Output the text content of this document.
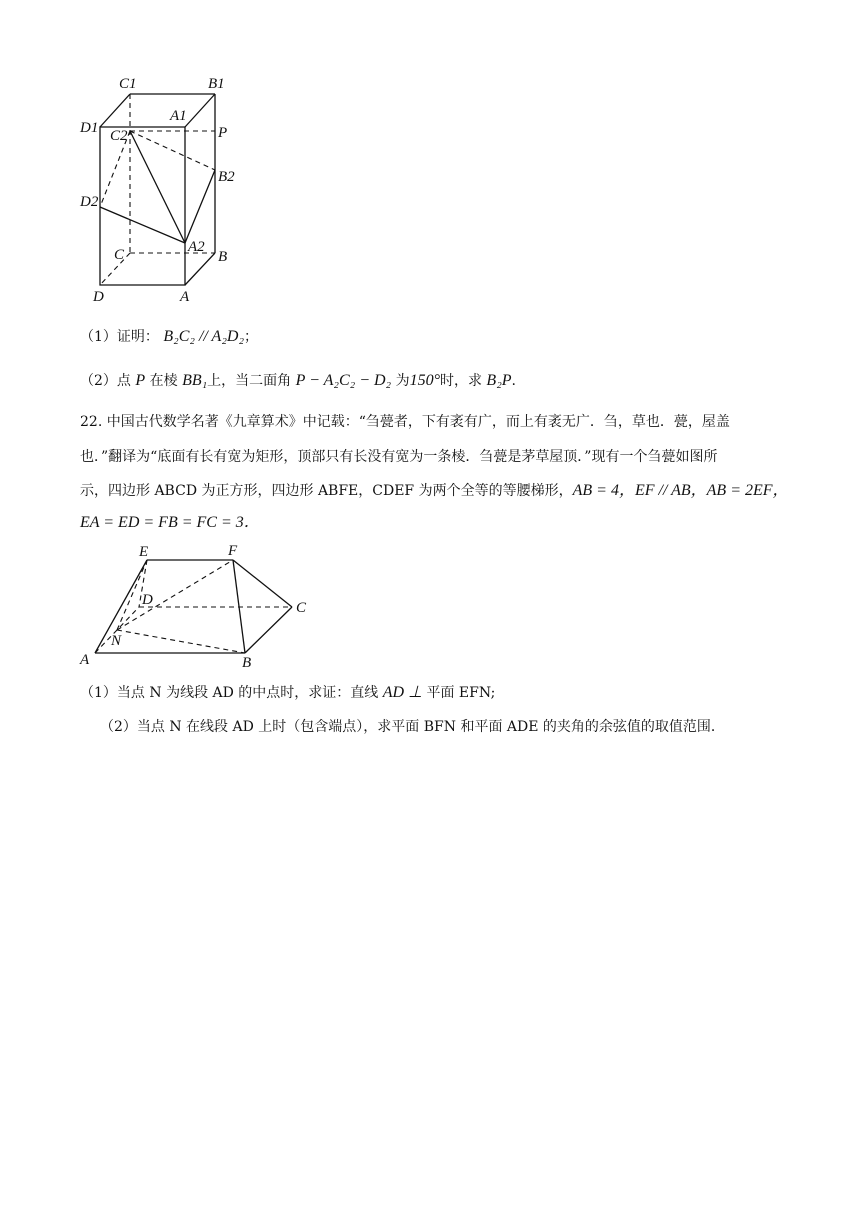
C1	B1
A1
D1 C2	P
B2
D2
C	A2
B
D	A
（1）证明： B₂C₂ // A₂D₂；
（2）点 P 在棱 BB₁上，当二面角 P − A₂C₂ − D₂ 为150°时，求 B₂P.
22. 中国古代数学名著《九章算术》中记载：“刍甍者，下有袤有广，而上有袤无广．刍，草也．甍，屋盖
也．”翻译为“底面有长有宽为矩形，顶部只有长没有宽为一条棱．刍甍是茅草屋顶．”现有一个刍甍如图所
示，四边形 ABCD 为正方形，四边形 ABFE，CDEF 为两个全等的等腰梯形，AB = 4，EF // AB，AB = 2EF，
EA = ED = FB = FC = 3．
E	F
D	C
N
A	B
（1）当点 N 为线段 AD 的中点时，求证：直线 AD ⊥ 平面 EFN;
（2）当点 N 在线段 AD 上时（包含端点），求平面 BFN 和平面 ADE 的夹角的余弦值的取值范围．
